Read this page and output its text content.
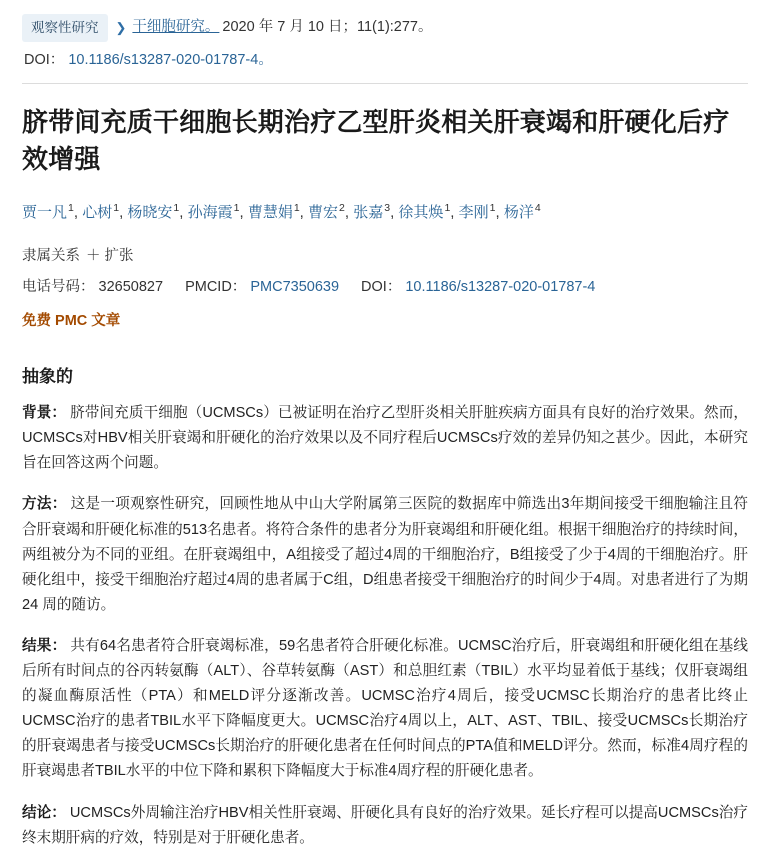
观察性研究	❯ 干细胞研究。 2020 年 7 月 10 日；11(1):277。
DOI： 10.1186/s13287-020-01787-4。
脐带间充质干细胞长期治疗乙型肝炎相关肝衰竭和肝硬化后疗效增强
贾一凡$^1$, 心树$^1$, 杨晓安$^1$, 孙海霞$^1$, 曹慧娟$^1$, 曹宏$^2$, 张嘉$^3$, 徐其焕$^1$, 李刚$^1$, 杨洋$^4$
隶属关系 ＋ 扩张
电话号码： 32650827 PMCID： PMC7350639 DOI： 10.1186/s13287-020-01787-4
免费 PMC 文章
抽象的

背景： 脐带间充质干细胞（UCMSCs）已被证明在治疗乙型肝炎相关肝脏疾病方面具有良好的治疗效果。然而，UCMSCs对HBV相关肝衰竭和肝硬化的治疗效果以及不同疗程后UCMSCs疗效的差异仍知之甚少。因此，本研究旨在回答这两个问题。

方法： 这是一项观察性研究，回顾性地从中山大学附属第三医院的数据库中筛选出3年期间接受干细胞输注且符合肝衰竭和肝硬化标准的513名患者。将符合条件的患者分为肝衰竭组和肝硬化组。根据干细胞治疗的持续时间，两组被分为不同的亚组。在肝衰竭组中，A组接受了超过4周的干细胞治疗，B组接受了少于4周的干细胞治疗。肝硬化组中，接受干细胞治疗超过4周的患者属于C组，D组患者接受干细胞治疗的时间少于4周。对患者进行了为期 24 周的随访。

结果： 共有64名患者符合肝衰竭标准，59名患者符合肝硬化标准。UCMSC治疗后，肝衰竭组和肝硬化组在基线后所有时间点的谷丙转氨酶（ALT）、谷草转氨酶（AST）和总胆红素（TBIL）水平均显着低于基线；仅肝衰竭组的凝血酶原活性（PTA）和MELD评分逐渐改善。UCMSC治疗4周后，接受UCMSC长期治疗的患者比终止UCMSC治疗的患者TBIL水平下降幅度更大。UCMSC治疗4周以上，ALT、AST、TBIL、接受UCMSCs长期治疗的肝衰竭患者与接受UCMSCs长期治疗的肝硬化患者在任何时间点的PTA值和MELD评分。然而，标准4周疗程的肝衰竭患者TBIL水平的中位下降和累积下降幅度大于标准4周疗程的肝硬化患者。

结论： UCMSCs外周输注治疗HBV相关性肝衰竭、肝硬化具有良好的治疗效果。延长疗程可以提高UCMSCs治疗终末期肝病的疗效，特别是对于肝硬化患者。
